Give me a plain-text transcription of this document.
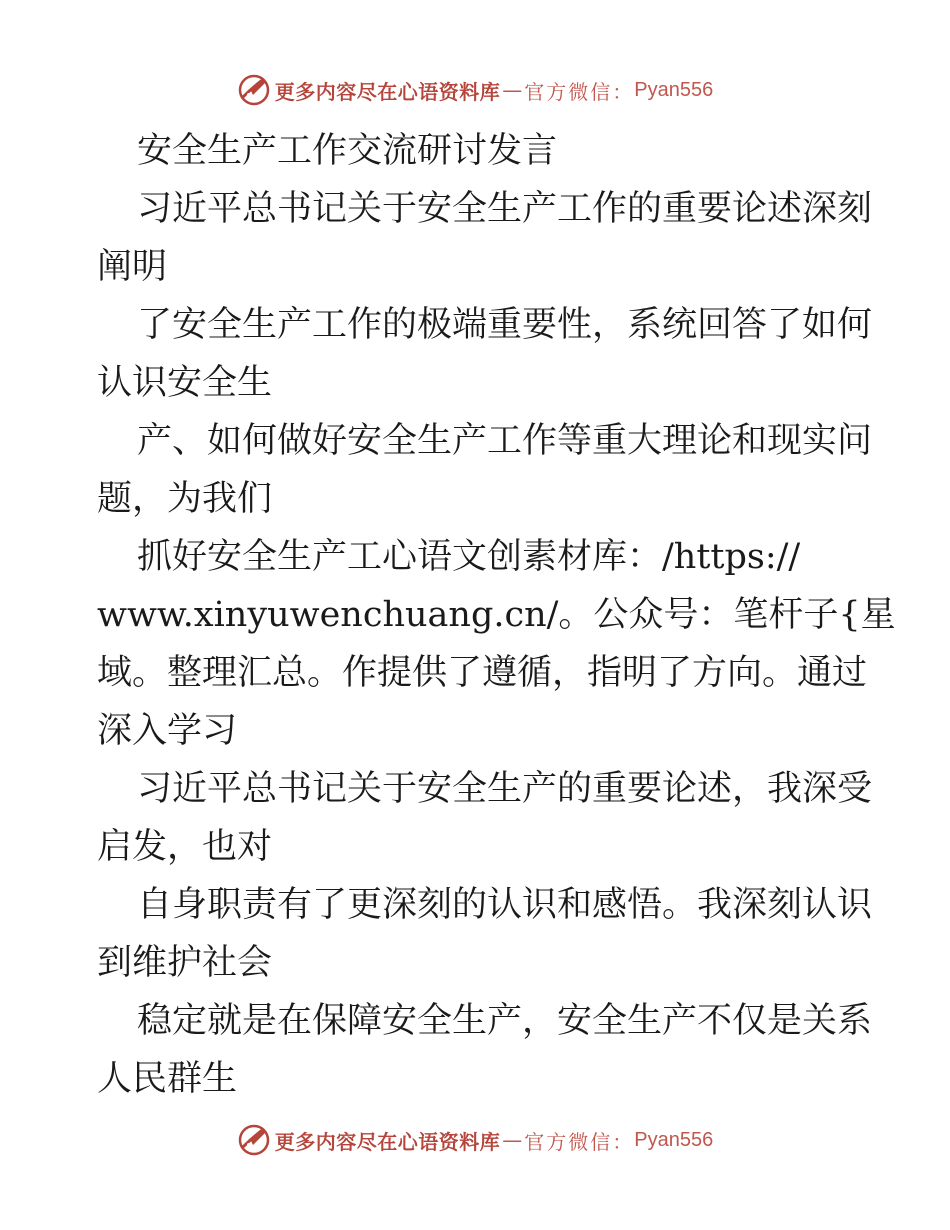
更多内容尽在心语资料库 — 官方微信： Pyan556
安全生产工作交流研讨发言
习近平总书记关于安全生产工作的重要论述深刻
阐明
了安全生产工作的极端重要性，系统回答了如何
认识安全生
产、如何做好安全生产工作等重大理论和现实问
题，为我们
抓好安全生产工心语文创素材库：/https://
www.xinyuwenchuang.cn/。公众号：笔杆子{星
域。整理汇总。作提供了遵循，指明了方向。通过
深入学习
习近平总书记关于安全生产的重要论述，我深受
启发，也对
自身职责有了更深刻的认识和感悟。我深刻认识
到维护社会
稳定就是在保障安全生产，安全生产不仅是关系
人民群生
更多内容尽在心语资料库 — 官方微信： Pyan556
